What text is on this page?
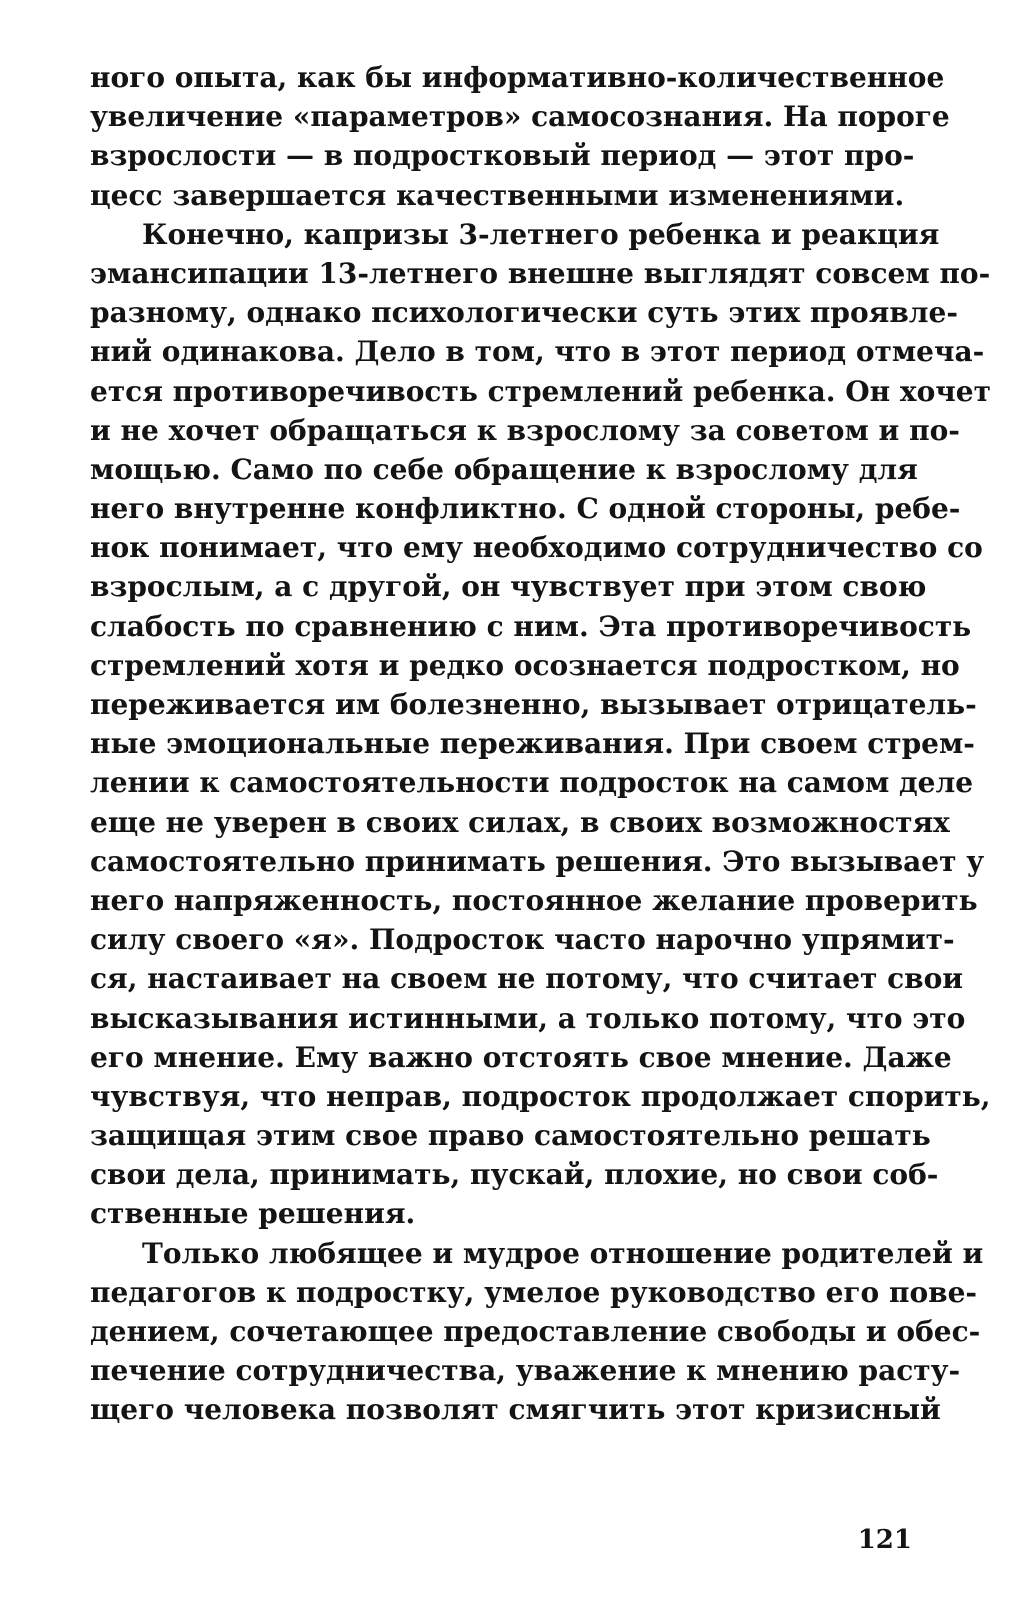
ного опыта, как бы информативно-количественное
увеличение «параметров» самосознания. На пороге
взрослости — в подростковый период — этот про-
цесс завершается качественными изменениями.
Конечно, капризы 3-летнего ребенка и реакция
эмансипации 13-летнего внешне выглядят совсем по-
разному, однако психологически суть этих проявле-
ний одинакова. Дело в том, что в этот период отмеча-
ется противоречивость стремлений ребенка. Он хочет
и не хочет обращаться к взрослому за советом и по-
мощью. Само по себе обращение к взрослому для
него внутренне конфликтно. С одной стороны, ребе-
нок понимает, что ему необходимо сотрудничество со
взрослым, а с другой, он чувствует при этом свою
слабость по сравнению с ним. Эта противоречивость
стремлений хотя и редко осознается подростком, но
переживается им болезненно, вызывает отрицатель-
ные эмоциональные переживания. При своем стрем-
лении к самостоятельности подросток на самом деле
еще не уверен в своих силах, в своих возможностях
самостоятельно принимать решения. Это вызывает у
него напряженность, постоянное желание проверить
силу своего «я». Подросток часто нарочно упрямит-
ся, настаивает на своем не потому, что считает свои
высказывания истинными, а только потому, что это
его мнение. Ему важно отстоять свое мнение. Даже
чувствуя, что неправ, подросток продолжает спорить,
защищая этим свое право самостоятельно решать
свои дела, принимать, пускай, плохие, но свои соб-
ственные решения.
Только любящее и мудрое отношение родителей и
педагогов к подростку, умелое руководство его пове-
дением, сочетающее предоставление свободы и обес-
печение сотрудничества, уважение к мнению расту-
щего человека позволят смягчить этот кризисный
121
